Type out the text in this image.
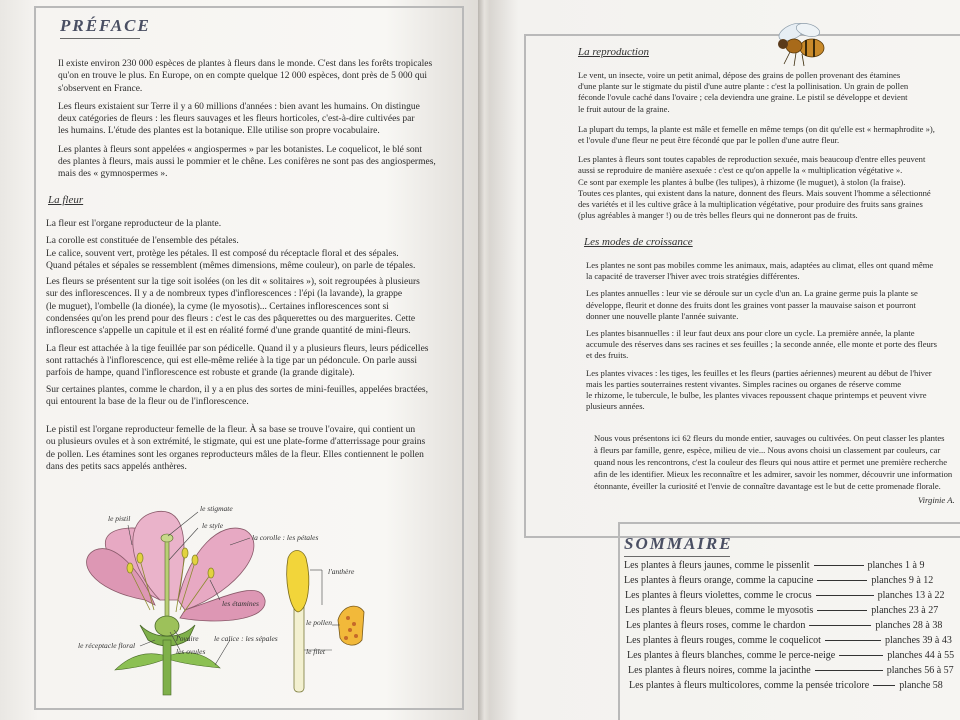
PRÉFACE

Il existe environ 230 000 espèces de plantes à fleurs dans le monde. C'est dans les forêts tropicales

qu'on en trouve le plus. En Europe, on en compte quelque 12 000 espèces, dont près de 5 000 qui

s'observent en France.

Les fleurs existaient sur Terre il y a 60 millions d'années : bien avant les humains. On distingue

deux catégories de fleurs : les fleurs sauvages et les fleurs horticoles, c'est-à-dire cultivées par

les humains. L'étude des plantes est la botanique. Elle utilise son propre vocabulaire.

Les plantes à fleurs sont appelées « angiospermes » par les botanistes. Le coquelicot, le blé sont

des plantes à fleurs, mais aussi le pommier et le chêne. Les conifères ne sont pas des angiospermes,

mais des « gymnospermes ».

La fleur

La fleur est l'organe reproducteur de la plante.

La corolle est constituée de l'ensemble des pétales.

Le calice, souvent vert, protège les pétales. Il est composé du réceptacle floral et des sépales.

Quand pétales et sépales se ressemblent (mêmes dimensions, même couleur), on parle de tépales.

Les fleurs se présentent sur la tige soit isolées (on les dit « solitaires »), soit regroupées à plusieurs

sur des inflorescences. Il y a de nombreux types d'inflorescences : l'épi (la lavande), la grappe

(le muguet), l'ombelle (la dionée), la cyme (le myosotis)... Certaines inflorescences sont si

condensées qu'on les prend pour des fleurs : c'est le cas des pâquerettes ou des marguerites. Cette

inflorescence s'appelle un capitule et il est en réalité formé d'une grande quantité de mini-fleurs.

La fleur est attachée à la tige feuillée par son pédicelle. Quand il y a plusieurs fleurs, leurs pédicelles

sont rattachés à l'inflorescence, qui est elle-même reliée à la tige par un pédoncule. On parle aussi

parfois de hampe, quand l'inflorescence est robuste et grande (la grande digitale).

Sur certaines plantes, comme le chardon, il y a en plus des sortes de mini-feuilles, appelées bractées,

qui entourent la base de la fleur ou de l'inflorescence.

Le pistil est l'organe reproducteur femelle de la fleur. À sa base se trouve l'ovaire, qui contient un

ou plusieurs ovules et à son extrémité, le stigmate, qui est une plate-forme d'atterrissage pour grains

de pollen. Les étamines sont les organes reproducteurs mâles de la fleur. Elles contiennent le pollen

dans des petits sacs appelés anthères.

le pistil
le stigmate
le style
la corolle : les pétales
l'anthère
les étamines
le pollen
le filet
le réceptacle floral
l'ovaire
les ovules
le calice : les sépales
La reproduction

Le vent, un insecte, voire un petit animal, dépose des grains de pollen provenant des étamines

d'une plante sur le stigmate du pistil d'une autre plante : c'est la pollinisation. Un grain de pollen

féconde l'ovule caché dans l'ovaire ; cela deviendra une graine. Le pistil se développe et devient

le fruit autour de la graine.

La plupart du temps, la plante est mâle et femelle en même temps (on dit qu'elle est « hermaphrodite »),

et l'ovule d'une fleur ne peut être fécondé que par le pollen d'une autre fleur.

Les plantes à fleurs sont toutes capables de reproduction sexuée, mais beaucoup d'entre elles peuvent

aussi se reproduire de manière asexuée : c'est ce qu'on appelle la « multiplication végétative ».

Ce sont par exemple les plantes à bulbe (les tulipes), à rhizome (le muguet), à stolon (la fraise).

Toutes ces plantes, qui existent dans la nature, donnent des fleurs. Mais souvent l'homme a sélectionné

des variétés et il les cultive grâce à la multiplication végétative, pour produire des fruits sans graines

(plus agréables à manger !) ou de très belles fleurs qui ne donneront pas de fruits.

Les modes de croissance

Les plantes ne sont pas mobiles comme les animaux, mais, adaptées au climat, elles ont quand même

la capacité de traverser l'hiver avec trois stratégies différentes.

Les plantes annuelles : leur vie se déroule sur un cycle d'un an. La graine germe puis la plante se

développe, fleurit et donne des fruits dont les graines vont passer la mauvaise saison et pourront

donner une nouvelle plante l'année suivante.

Les plantes bisannuelles : il leur faut deux ans pour clore un cycle. La première année, la plante

accumule des réserves dans ses racines et ses feuilles ; la seconde année, elle monte et porte des fleurs

et des fruits.

Les plantes vivaces : les tiges, les feuilles et les fleurs (parties aériennes) meurent au début de l'hiver

mais les parties souterraines restent vivantes. Simples racines ou organes de réserve comme

le rhizome, le tubercule, le bulbe, les plantes vivaces repoussent chaque printemps et peuvent vivre

plusieurs années.

Nous vous présentons ici 62 fleurs du monde entier, sauvages ou cultivées. On peut classer les plantes

à fleurs par famille, genre, espèce, milieu de vie... Nous avons choisi un classement par couleurs, car

quand nous les rencontrons, c'est la couleur des fleurs qui nous attire et permet une première recherche

afin de les identifier. Mieux les reconnaître et les admirer, savoir les nommer, découvrir une information

étonnante, éveiller la curiosité et l'envie de connaître davantage est le but de cette promenade florale.

Virginie A.
SOMMAIRE
Les plantes à fleurs jaunes, comme le pissenlit	planches 1 à 9
Les plantes à fleurs orange, comme la capucine	planches 9 à 12
Les plantes à fleurs violettes, comme le crocus	planches 13 à 22
Les plantes à fleurs bleues, comme le myosotis	planches 23 à 27
Les plantes à fleurs roses, comme le chardon	planches 28 à 38
Les plantes à fleurs rouges, comme le coquelicot	planches 39 à 43
Les plantes à fleurs blanches, comme le perce-neige	planches 44 à 55
Les plantes à fleurs noires, comme la jacinthe	planches 56 à 57
Les plantes à fleurs multicolores, comme la pensée tricolore	planche 58
